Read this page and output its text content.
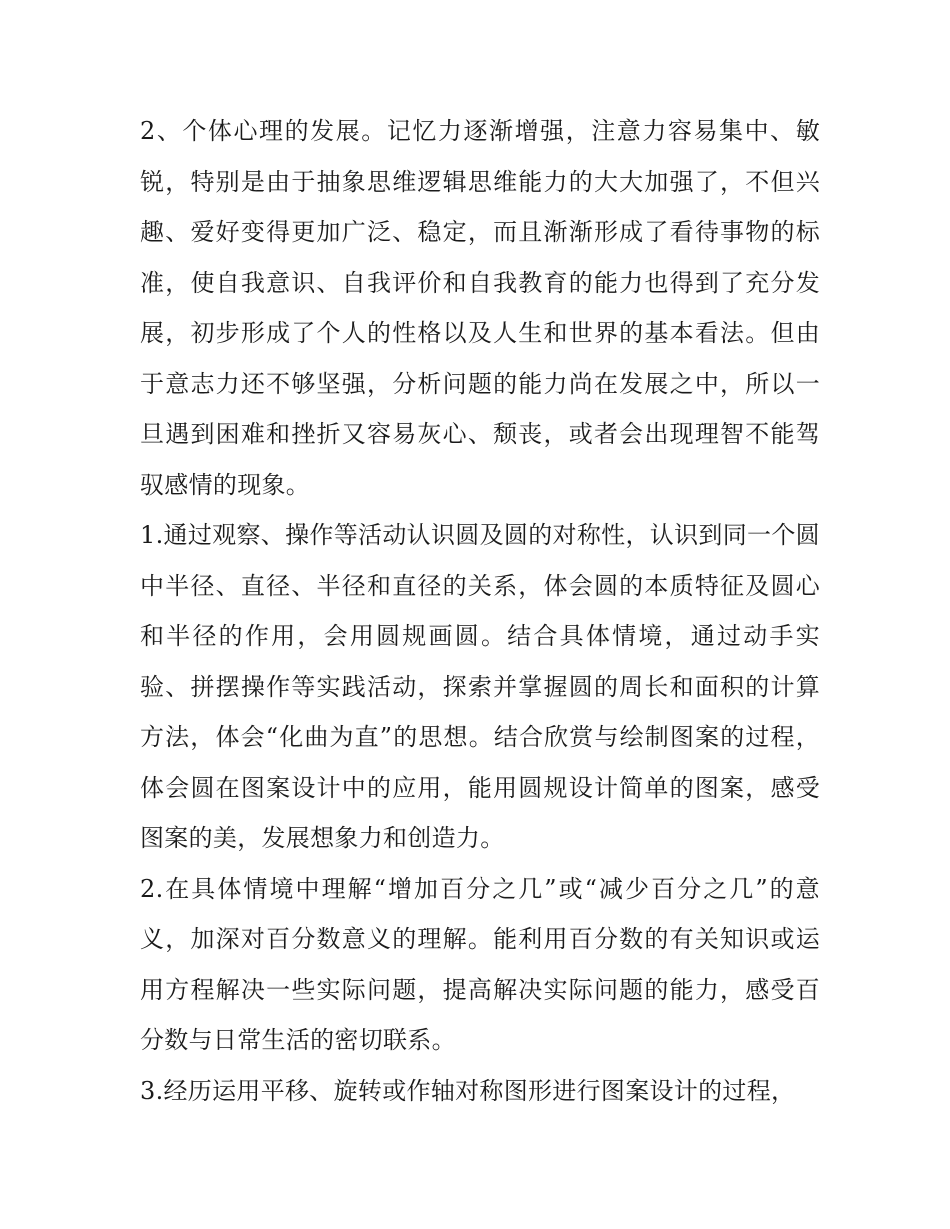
2、个体心理的发展。记忆力逐渐增强，注意力容易集中、敏锐，特别是由于抽象思维逻辑思维能力的大大加强了，不但兴趣、爱好变得更加广泛、稳定，而且渐渐形成了看待事物的标准，使自我意识、自我评价和自我教育的能力也得到了充分发展，初步形成了个人的性格以及人生和世界的基本看法。但由于意志力还不够坚强，分析问题的能力尚在发展之中，所以一旦遇到困难和挫折又容易灰心、颓丧，或者会出现理智不能驾驭感情的现象。

1.通过观察、操作等活动认识圆及圆的对称性，认识到同一个圆中半径、直径、半径和直径的关系，体会圆的本质特征及圆心和半径的作用，会用圆规画圆。结合具体情境，通过动手实验、拼摆操作等实践活动，探索并掌握圆的周长和面积的计算方法，体会“化曲为直”的思想。结合欣赏与绘制图案的过程，体会圆在图案设计中的应用，能用圆规设计简单的图案，感受图案的美，发展想象力和创造力。

2.在具体情境中理解“增加百分之几”或“减少百分之几”的意义，加深对百分数意义的理解。能利用百分数的有关知识或运用方程解决一些实际问题，提高解决实际问题的能力，感受百分数与日常生活的密切联系。

3.经历运用平移、旋转或作轴对称图形进行图案设计的过程，
